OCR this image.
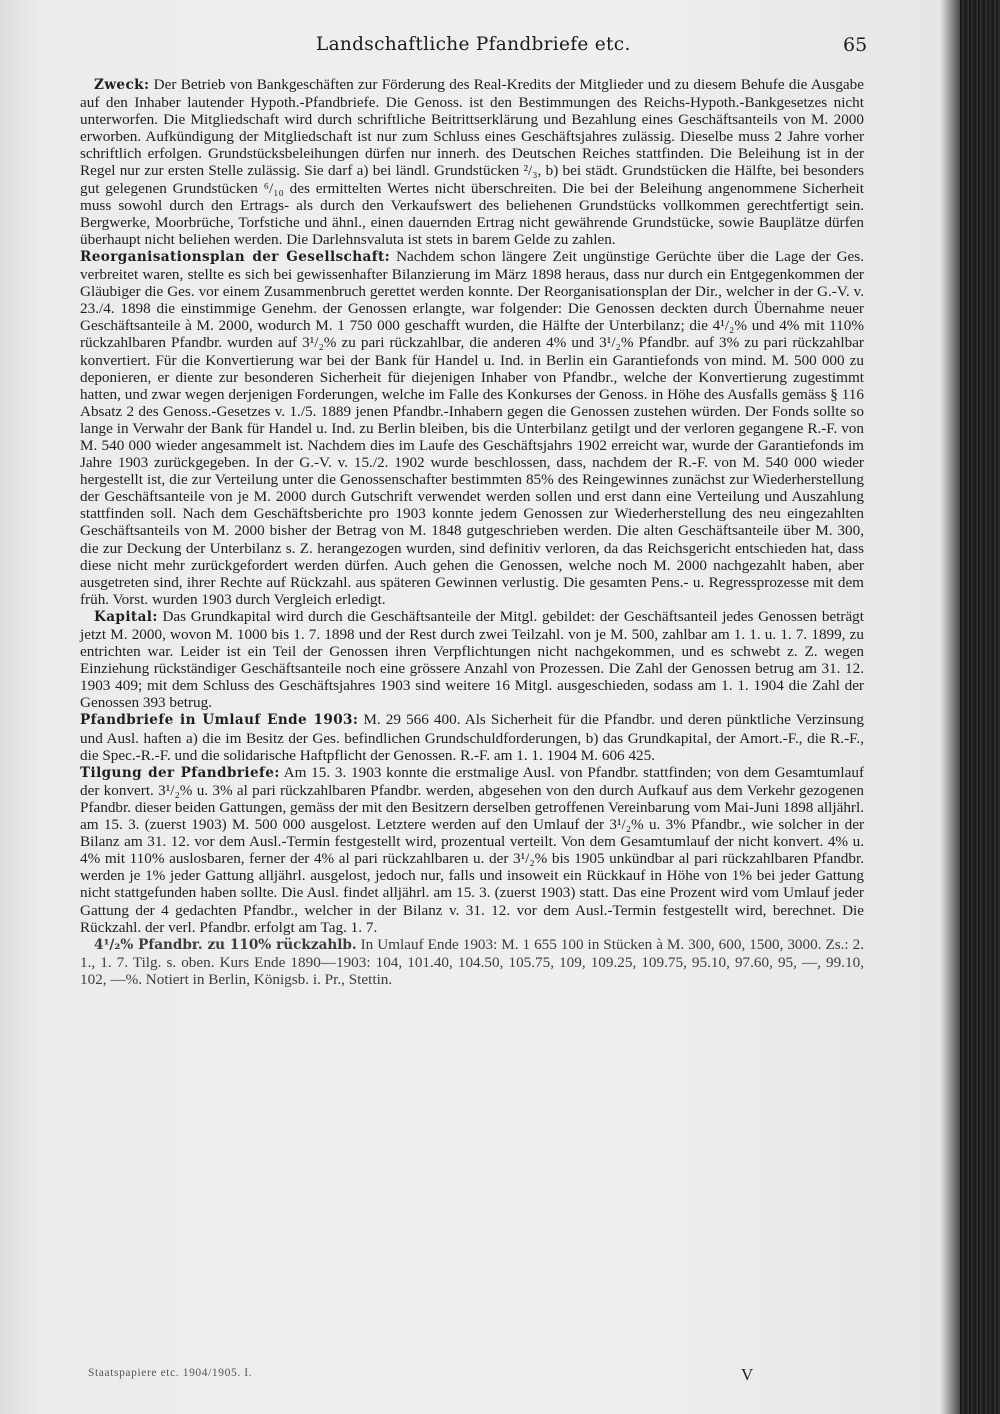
Landschaftliche Pfandbriefe etc.	65

Zweck: Der Betrieb von Bankgeschäften zur Förderung des Real-Kredits der Mitglieder und zu diesem Behufe die Ausgabe auf den Inhaber lautender Hypoth.-Pfandbriefe. Die Genoss. ist den Bestimmungen des Reichs-Hypoth.-Bankgesetzes nicht unterworfen. Die Mitgliedschaft wird durch schriftliche Beitrittserklärung und Bezahlung eines Geschäftsanteils von M. 2000 erworben. Aufkündigung der Mitgliedschaft ist nur zum Schluss eines Geschäftsjahres zulässig. Dieselbe muss 2 Jahre vorher schriftlich erfolgen. Grundstücksbeleihungen dürfen nur innerh. des Deutschen Reiches stattfinden. Die Beleihung ist in der Regel nur zur ersten Stelle zulässig. Sie darf a) bei ländl. Grundstücken ²/₃, b) bei städt. Grundstücken die Hälfte, bei besonders gut gelegenen Grundstücken ⁶/₁₀ des ermittelten Wertes nicht überschreiten. Die bei der Beleihung angenommene Sicherheit muss sowohl durch den Ertrags- als durch den Verkaufswert des beliehenen Grundstücks vollkommen gerechtfertigt sein. Bergwerke, Moorbrüche, Torfstiche und ähnl., einen dauernden Ertrag nicht gewährende Grundstücke, sowie Bauplätze dürfen überhaupt nicht beliehen werden. Die Darlehnsvaluta ist stets in barem Gelde zu zahlen.

Reorganisationsplan der Gesellschaft: Nachdem schon längere Zeit ungünstige Gerüchte über die Lage der Ges. verbreitet waren, stellte es sich bei gewissenhafter Bilanzierung im März 1898 heraus, dass nur durch ein Entgegenkommen der Gläubiger die Ges. vor einem Zusammenbruch gerettet werden konnte. Der Reorganisationsplan der Dir., welcher in der G.-V. v. 23./4. 1898 die einstimmige Genehm. der Genossen erlangte, war folgender: Die Genossen deckten durch Übernahme neuer Geschäftsanteile à M. 2000, wodurch M. 1 750 000 geschafft wurden, die Hälfte der Unterbilanz; die 4¹/₂% und 4% mit 110% rückzahlbaren Pfandbr. wurden auf 3¹/₂% zu pari rückzahlbar, die anderen 4% und 3¹/₂% Pfandbr. auf 3% zu pari rückzahlbar konvertiert. Für die Konvertierung war bei der Bank für Handel u. Ind. in Berlin ein Garantiefonds von mind. M. 500 000 zu deponieren, er diente zur besonderen Sicherheit für diejenigen Inhaber von Pfandbr., welche der Konvertierung zugestimmt hatten, und zwar wegen derjenigen Forderungen, welche im Falle des Konkurses der Genoss. in Höhe des Ausfalls gemäss § 116 Absatz 2 des Genoss.-Gesetzes v. 1./5. 1889 jenen Pfandbr.-Inhabern gegen die Genossen zustehen würden. Der Fonds sollte so lange in Verwahr der Bank für Handel u. Ind. zu Berlin bleiben, bis die Unterbilanz getilgt und der verloren gegangene R.-F. von M. 540 000 wieder angesammelt ist. Nachdem dies im Laufe des Geschäftsjahrs 1902 erreicht war, wurde der Garantiefonds im Jahre 1903 zurückgegeben. In der G.-V. v. 15./2. 1902 wurde beschlossen, dass, nachdem der R.-F. von M. 540 000 wieder hergestellt ist, die zur Verteilung unter die Genossenschafter bestimmten 85% des Reingewinnes zunächst zur Wiederherstellung der Geschäftsanteile von je M. 2000 durch Gutschrift verwendet werden sollen und erst dann eine Verteilung und Auszahlung stattfinden soll. Nach dem Geschäftsberichte pro 1903 konnte jedem Genossen zur Wiederherstellung des neu eingezahlten Geschäftsanteils von M. 2000 bisher der Betrag von M. 1848 gutgeschrieben werden. Die alten Geschäftsanteile über M. 300, die zur Deckung der Unterbilanz s. Z. herangezogen wurden, sind definitiv verloren, da das Reichsgericht entschieden hat, dass diese nicht mehr zurückgefordert werden dürfen. Auch gehen die Genossen, welche noch M. 2000 nachgezahlt haben, aber ausgetreten sind, ihrer Rechte auf Rückzahl. aus späteren Gewinnen verlustig. Die gesamten Pens.- u. Regressprozesse mit dem früh. Vorst. wurden 1903 durch Vergleich erledigt.

Kapital: Das Grundkapital wird durch die Geschäftsanteile der Mitgl. gebildet: der Geschäftsanteil jedes Genossen beträgt jetzt M. 2000, wovon M. 1000 bis 1. 7. 1898 und der Rest durch zwei Teilzahl. von je M. 500, zahlbar am 1. 1. u. 1. 7. 1899, zu entrichten war. Leider ist ein Teil der Genossen ihren Verpflichtungen nicht nachgekommen, und es schwebt z. Z. wegen Einziehung rückständiger Geschäftsanteile noch eine grössere Anzahl von Prozessen. Die Zahl der Genossen betrug am 31. 12. 1903 409; mit dem Schluss des Geschäftsjahres 1903 sind weitere 16 Mitgl. ausgeschieden, sodass am 1. 1. 1904 die Zahl der Genossen 393 betrug.

Pfandbriefe in Umlauf Ende 1903: M. 29 566 400. Als Sicherheit für die Pfandbr. und deren pünktliche Verzinsung und Ausl. haften a) die im Besitz der Ges. befindlichen Grundschuldforderungen, b) das Grundkapital, der Amort.-F., die R.-F., die Spec.-R.-F. und die solidarische Haftpflicht der Genossen. R.-F. am 1. 1. 1904 M. 606 425.

Tilgung der Pfandbriefe: Am 15. 3. 1903 konnte die erstmalige Ausl. von Pfandbr. stattfinden; von dem Gesamtumlauf der konvert. 3¹/₂% u. 3% al pari rückzahlbaren Pfandbr. werden, abgesehen von den durch Aufkauf aus dem Verkehr gezogenen Pfandbr. dieser beiden Gattungen, gemäss der mit den Besitzern derselben getroffenen Vereinbarung vom Mai-Juni 1898 alljährl. am 15. 3. (zuerst 1903) M. 500 000 ausgelost. Letztere werden auf den Umlauf der 3¹/₂% u. 3% Pfandbr., wie solcher in der Bilanz am 31. 12. vor dem Ausl.-Termin festgestellt wird, prozentual verteilt. Von dem Gesamtumlauf der nicht konvert. 4% u. 4% mit 110% auslosbaren, ferner der 4% al pari rückzahlbaren u. der 3¹/₂% bis 1905 unkündbar al pari rückzahlbaren Pfandbr. werden je 1% jeder Gattung alljährl. ausgelost, jedoch nur, falls und insoweit ein Rückkauf in Höhe von 1% bei jeder Gattung nicht stattgefunden haben sollte. Die Ausl. findet alljährl. am 15. 3. (zuerst 1903) statt. Das eine Prozent wird vom Umlauf jeder Gattung der 4 gedachten Pfandbr., welcher in der Bilanz v. 31. 12. vor dem Ausl.-Termin festgestellt wird, berechnet. Die Rückzahl. der verl. Pfandbr. erfolgt am Tag. 1. 7.

4¹/₂% Pfandbr. zu 110% rückzahlb. In Umlauf Ende 1903: M. 1 655 100 in Stücken à M. 300, 600, 1500, 3000. Zs.: 2. 1., 1. 7. Tilg. s. oben. Kurs Ende 1890—1903: 104, 101.40, 104.50, 105.75, 109, 109.25, 109.75, 95.10, 97.60, 95, —, 99.10, 102, —%. Notiert in Berlin, Königsb. i. Pr., Stettin.

Staatspapiere etc. 1904/1905. I.	V
